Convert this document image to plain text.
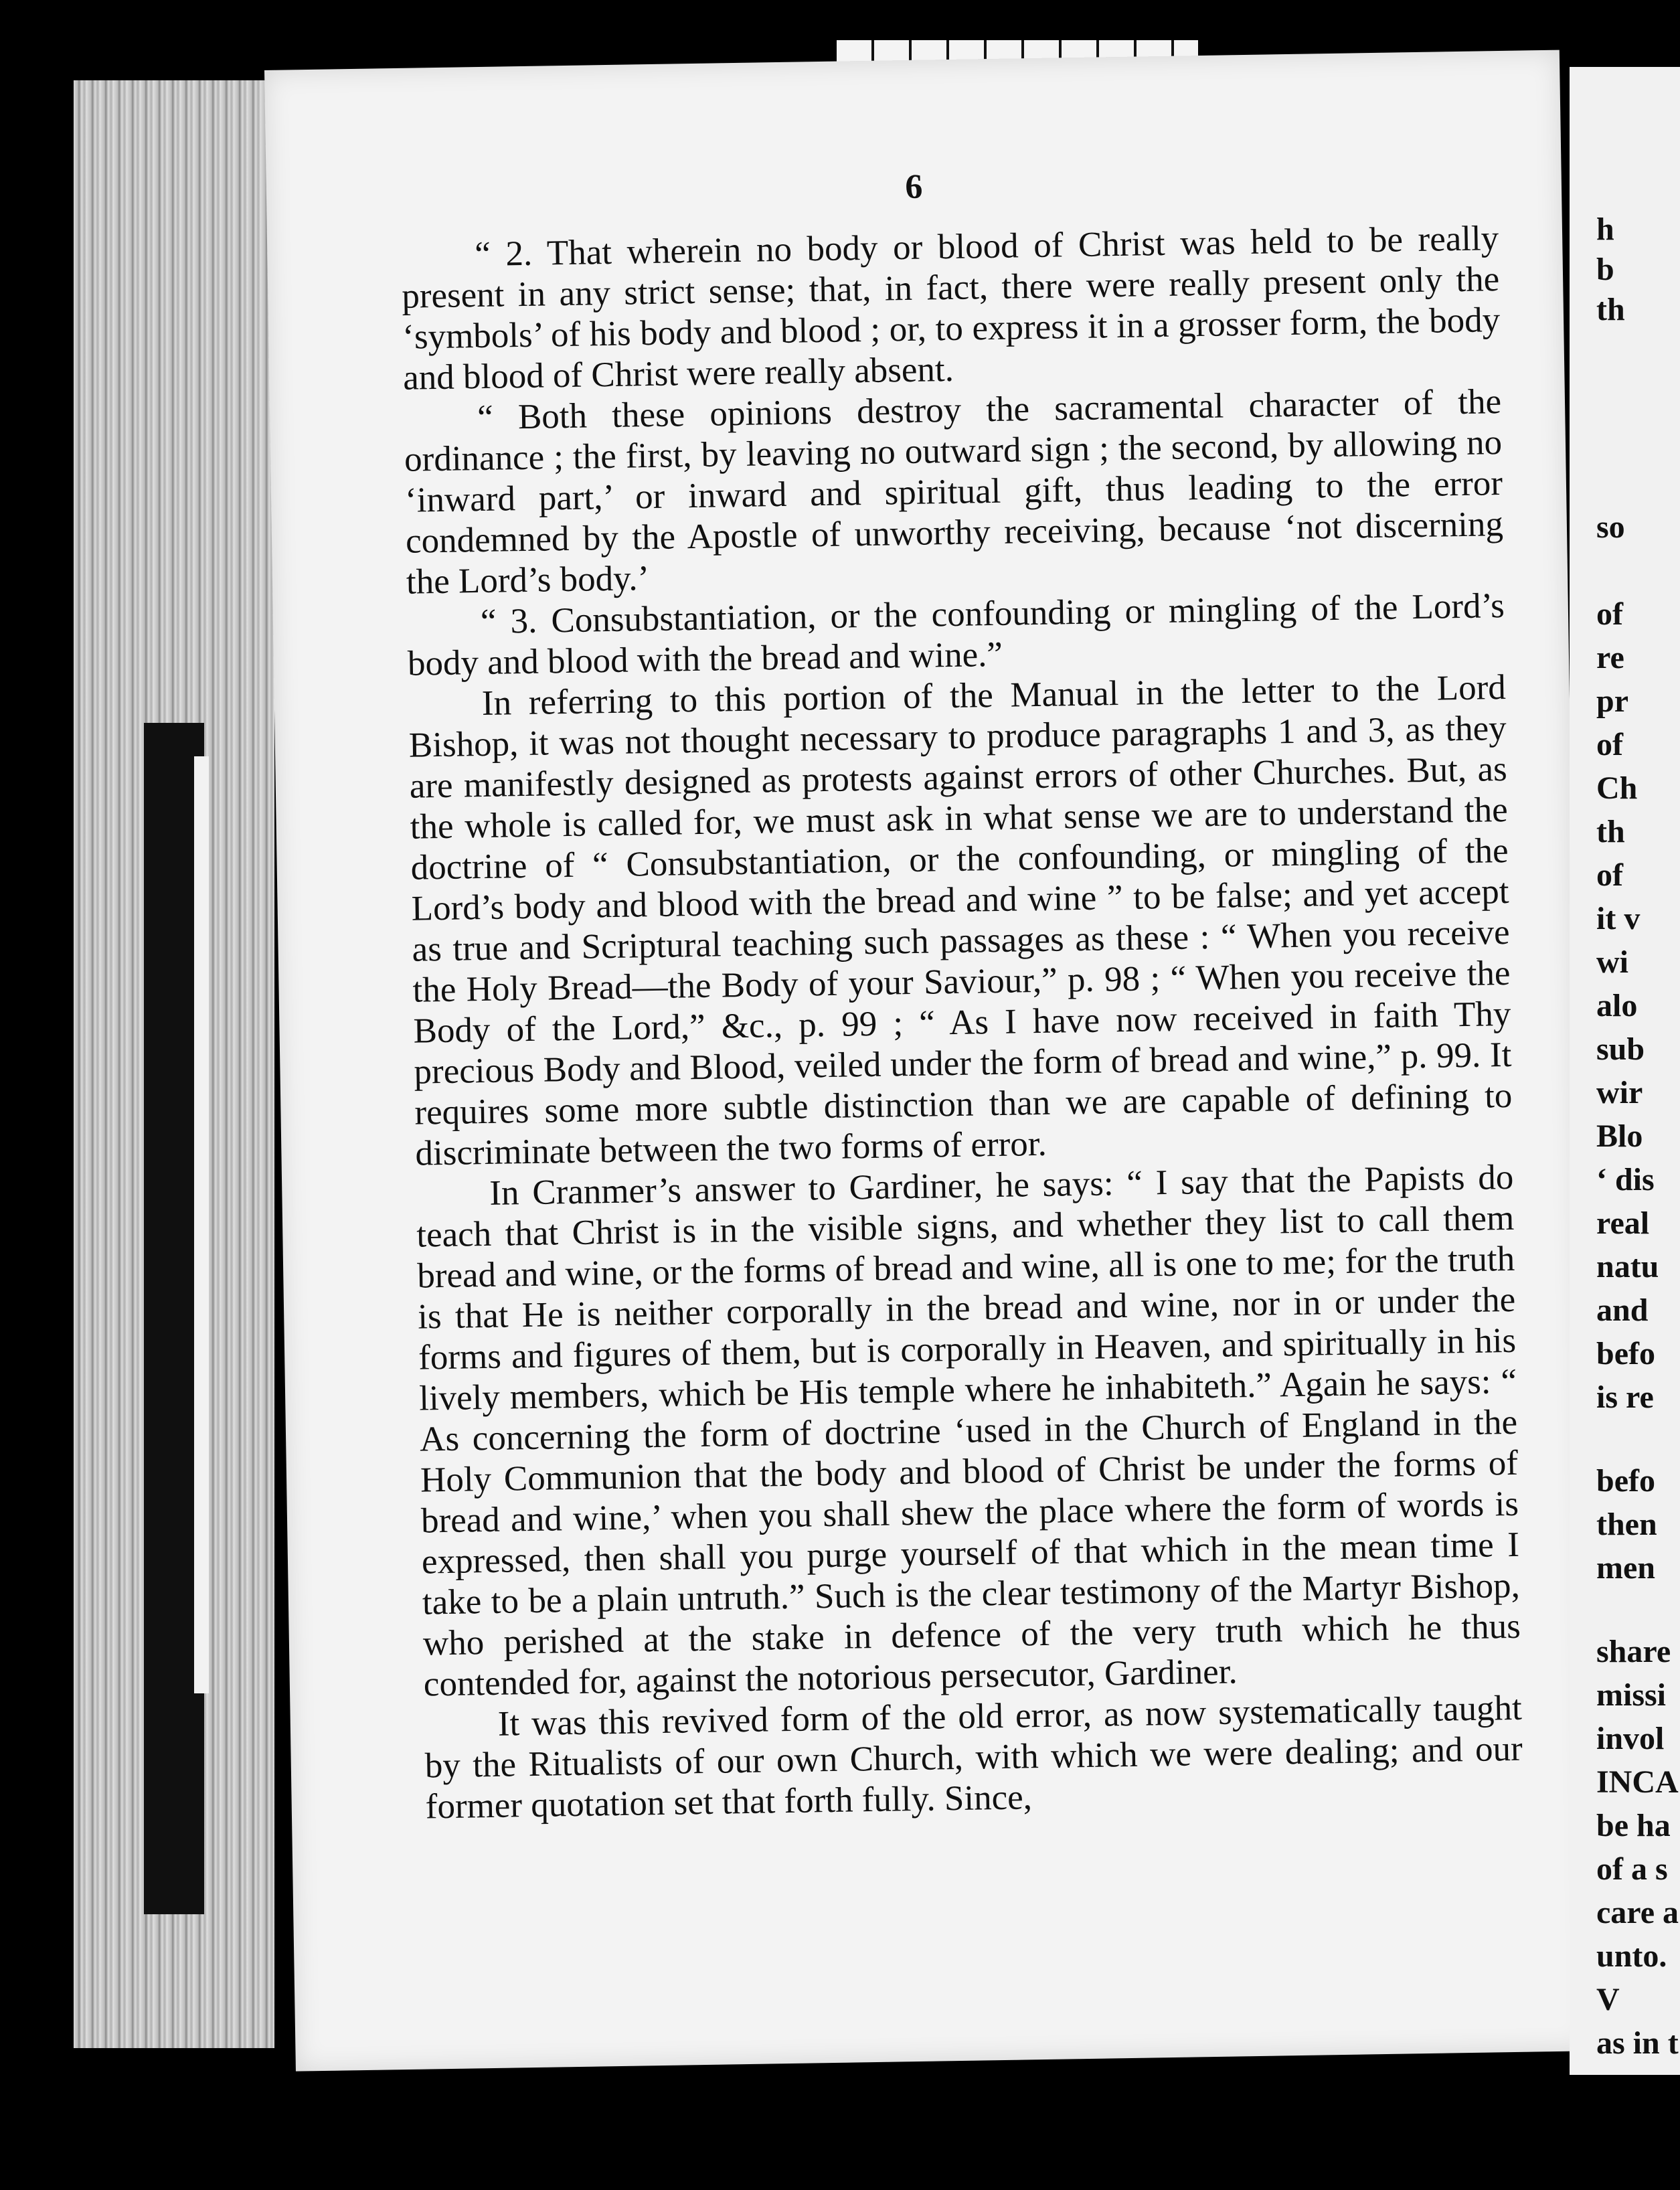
6

“ 2. That wherein no body or blood of Christ was held to be really present in any strict sense; that, in fact, there were really present only the ‘symbols’ of his body and blood ; or, to express it in a grosser form, the body and blood of Christ were really absent.

“ Both these opinions destroy the sacramental character of the ordinance ; the first, by leaving no outward sign ; the second, by allowing no ‘inward part,’ or inward and spiritual gift, thus leading to the error condemned by the Apostle of unworthy receiving, because ‘not discerning the Lord’s body.’

“ 3. Consubstantiation, or the confounding or mingling of the Lord’s body and blood with the bread and wine.”

In referring to this portion of the Manual in the letter to the Lord Bishop, it was not thought necessary to produce paragraphs 1 and 3, as they are manifestly designed as protests against errors of other Churches. But, as the whole is called for, we must ask in what sense we are to understand the doctrine of “ Consubstantiation, or the confounding, or mingling of the Lord’s body and blood with the bread and wine ” to be false; and yet accept as true and Scriptural teaching such passages as these : “ When you receive the Holy Bread—the Body of your Saviour,” p. 98 ; “ When you receive the Body of the Lord,” &c., p. 99 ; “ As I have now received in faith Thy precious Body and Blood, veiled under the form of bread and wine,” p. 99. It requires some more subtle distinction than we are capable of defining to discriminate between the two forms of error.

In Cranmer’s answer to Gardiner, he says: “ I say that the Papists do teach that Christ is in the visible signs, and whether they list to call them bread and wine, or the forms of bread and wine, all is one to me; for the truth is that He is neither corporally in the bread and wine, nor in or under the forms and figures of them, but is corporally in Heaven, and spiritually in his lively members, which be His temple where he inhabiteth.” Again he says: “ As concerning the form of doctrine ‘used in the Church of England in the Holy Communion that the body and blood of Christ be under the forms of bread and wine,’ when you shall shew the place where the form of words is expressed, then shall you purge yourself of that which in the mean time I take to be a plain untruth.” Such is the clear testimony of the Martyr Bishop, who perished at the stake in defence of the very truth which he thus contended for, against the notorious persecutor, Gardiner.

It was this revived form of the old error, as now systematically taught by the Ritualists of our own Church, with which we were dealing; and our former quotation set that forth fully. Since,

h
b
th
so
of
re
pr
of
Ch
th
of
it v
wi
alo
sub
wir
Blo
‘ dis
real
natu
and
befo
is re
befo
then
men
share
missi
invol
INCA
be ha
of a s
care a
unto.
V
as in t
